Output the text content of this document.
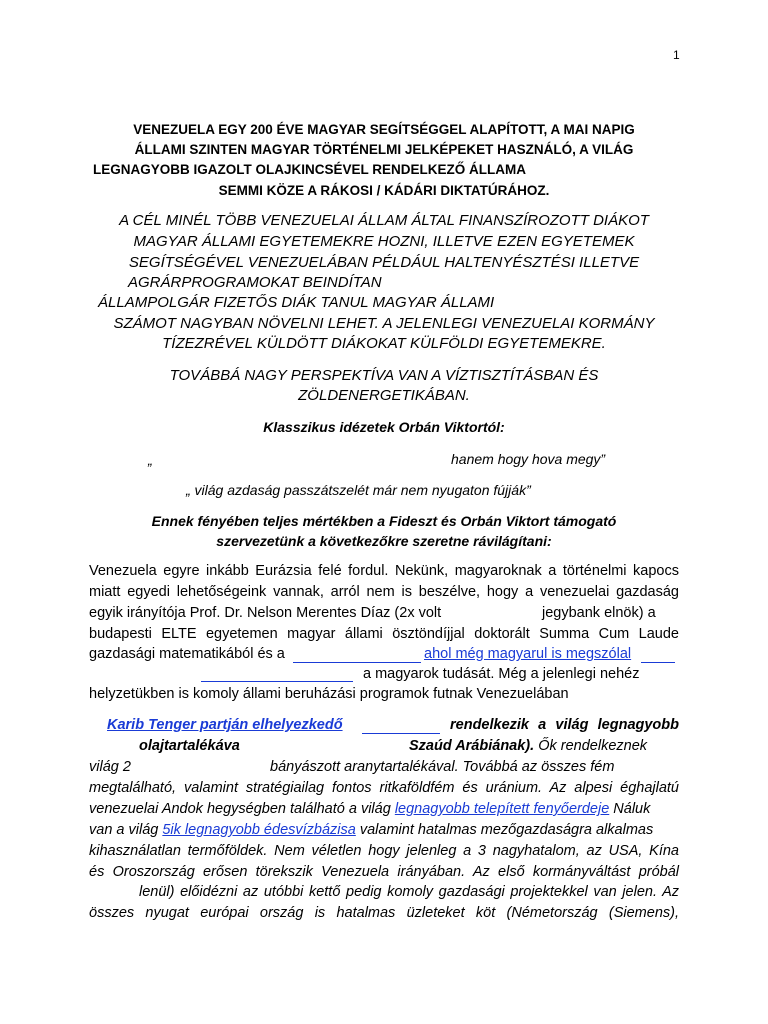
1
VENEZUELA EGY 200 ÉVE MAGYAR SEGÍTSÉGGEL ALAPÍTOTT, A MAI NAPIG
ÁLLAMI SZINTEN MAGYAR TÖRTÉNELMI JELKÉPEKET HASZNÁLÓ, A VILÁG
LEGNAGYOBB IGAZOLT OLAJKINCSÉVEL RENDELKEZŐ ÁLLAMA
SEMMI KÖZE A RÁKOSI / KÁDÁRI DIKTATÚRÁHOZ.
A CÉL MINÉL TÖBB VENEZUELAI ÁLLAM ÁLTAL FINANSZÍROZOTT DIÁKOT
MAGYAR ÁLLAMI EGYETEMEKRE HOZNI, ILLETVE EZEN EGYETEMEK
SEGÍTSÉGÉVEL VENEZUELÁBAN PÉLDÁUL HALTENYÉSZTÉSI ILLETVE
AGRÁRPROGRAMOKAT BEINDÍTAN
ÁLLAMPOLGÁR FIZETŐS DIÁK TANUL MAGYAR ÁLLAMI
SZÁMOT NAGYBAN NÖVELNI LEHET. A JELENLEGI VENEZUELAI KORMÁNY
TÍZEZRÉVEL KÜLDÖTT DIÁKOKAT KÜLFÖLDI EGYETEMEKRE.
TOVÁBBÁ NAGY PERSPEKTÍVA VAN A VÍZTISZTÍTÁSBAN ÉS
ZÖLDENERGETIKÁBAN.
Klasszikus idézetek Orbán Viktortól:
„	hanem hogy hova megy”
„ világ azdaság passzátszelét már nem nyugaton fújják”
Ennek fényében teljes mértékben a Fideszt és Orbán Viktort támogató
szervezetünk a következőkre szeretne rávilágítani:
Venezuela egyre inkább Eurázsia felé fordul. Nekünk, magyaroknak a történelmi kapocs
miatt egyedi lehetőségeink vannak, arról nem is beszélve, hogy a venezuelai gazdaság
egyik irányítója Prof. Dr. Nelson Merentes Díaz (2x volt	jegybank elnök) a
budapesti ELTE egyetemen magyar állami ösztöndíjjal doktorált Summa Cum Laude
gazdasági matematikából és a	ahol még magyarul is megszólal
a magyarok tudását. Még a jelenlegi nehéz
helyzetükben is komoly állami beruházási programok futnak Venezuelában
Karib Tenger partján elhelyezkedő	rendelkezik a világ legnagyobb
olajtartalékáva	Szaúd Arábiának). Ők rendelkeznek
világ 2	bányászott aranytartalékával. Továbbá az összes fém
megtalálható, valamint stratégiailag fontos ritkaföldfém és uránium. Az alpesi éghajlatú
venezuelai Andok hegységben található a világ legnagyobb telepített fenyőerdeje Náluk
van a világ 5ik legnagyobb édesvízbázisa valamint hatalmas mezőgazdaságra alkalmas
kihasználatlan termőföldek. Nem véletlen hogy jelenleg a 3 nagyhatalom, az USA, Kína
és Oroszország erősen törekszik Venezuela irányában. Az első kormányváltást próbál
lenül) előidézni az utóbbi kettő pedig komoly gazdasági projektekkel van jelen. Az
összes nyugat európai ország is hatalmas üzleteket köt (Németország (Siemens),
